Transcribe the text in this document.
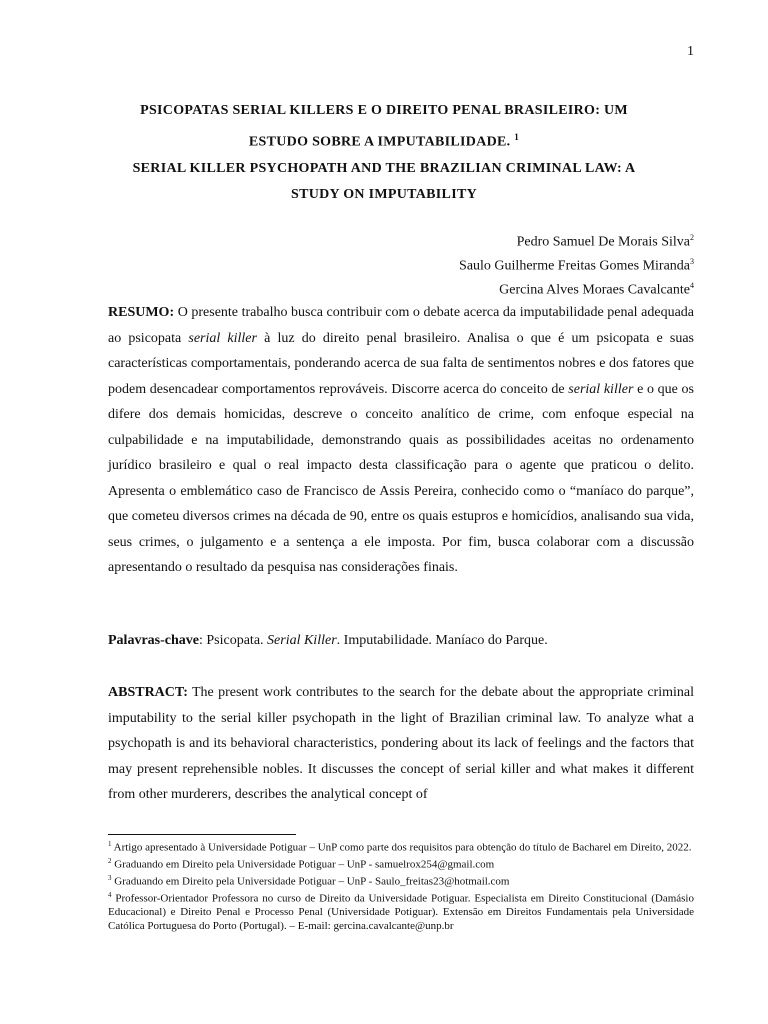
1
PSICOPATAS SERIAL KILLERS E O DIREITO PENAL BRASILEIRO: UM
ESTUDO SOBRE A IMPUTABILIDADE. $^1$
SERIAL KILLER PSYCHOPATH AND THE BRAZILIAN CRIMINAL LAW: A
STUDY ON IMPUTABILITY
Pedro Samuel De Morais Silva$^2$
Saulo Guilherme Freitas Gomes Miranda$^3$
Gercina Alves Moraes Cavalcante$^4$
RESUMO: O presente trabalho busca contribuir com o debate acerca da imputabilidade penal adequada ao psicopata serial killer à luz do direito penal brasileiro. Analisa o que é um psicopata e suas características comportamentais, ponderando acerca de sua falta de sentimentos nobres e dos fatores que podem desencadear comportamentos reprováveis. Discorre acerca do conceito de serial killer e o que os difere dos demais homicidas, descreve o conceito analítico de crime, com enfoque especial na culpabilidade e na imputabilidade, demonstrando quais as possibilidades aceitas no ordenamento jurídico brasileiro e qual o real impacto desta classificação para o agente que praticou o delito. Apresenta o emblemático caso de Francisco de Assis Pereira, conhecido como o “maníaco do parque”, que cometeu diversos crimes na década de 90, entre os quais estupros e homicídios, analisando sua vida, seus crimes, o julgamento e a sentença a ele imposta. Por fim, busca colaborar com a discussão apresentando o resultado da pesquisa nas considerações finais.
Palavras-chave: Psicopata. Serial Killer. Imputabilidade. Maníaco do Parque.
ABSTRACT: The present work contributes to the search for the debate about the appropriate criminal imputability to the serial killer psychopath in the light of Brazilian criminal law. To analyze what a psychopath is and its behavioral characteristics, pondering about its lack of feelings and the factors that may present reprehensible nobles. It discusses the concept of serial killer and what makes it different from other murderers, describes the analytical concept of

$^1$ Artigo apresentado à Universidade Potiguar – UnP como parte dos requisitos para obtenção do título de Bacharel em Direito, 2022.

$^2$ Graduando em Direito pela Universidade Potiguar – UnP - samuelrox254@gmail.com

$^3$ Graduando em Direito pela Universidade Potiguar – UnP - Saulo_freitas23@hotmail.com

$^4$ Professor-Orientador Professora no curso de Direito da Universidade Potiguar. Especialista em Direito Constitucional (Damásio Educacional) e Direito Penal e Processo Penal (Universidade Potiguar). Extensão em Direitos Fundamentais pela Universidade Católica Portuguesa do Porto (Portugal). – E-mail: gercina.cavalcante@unp.br
